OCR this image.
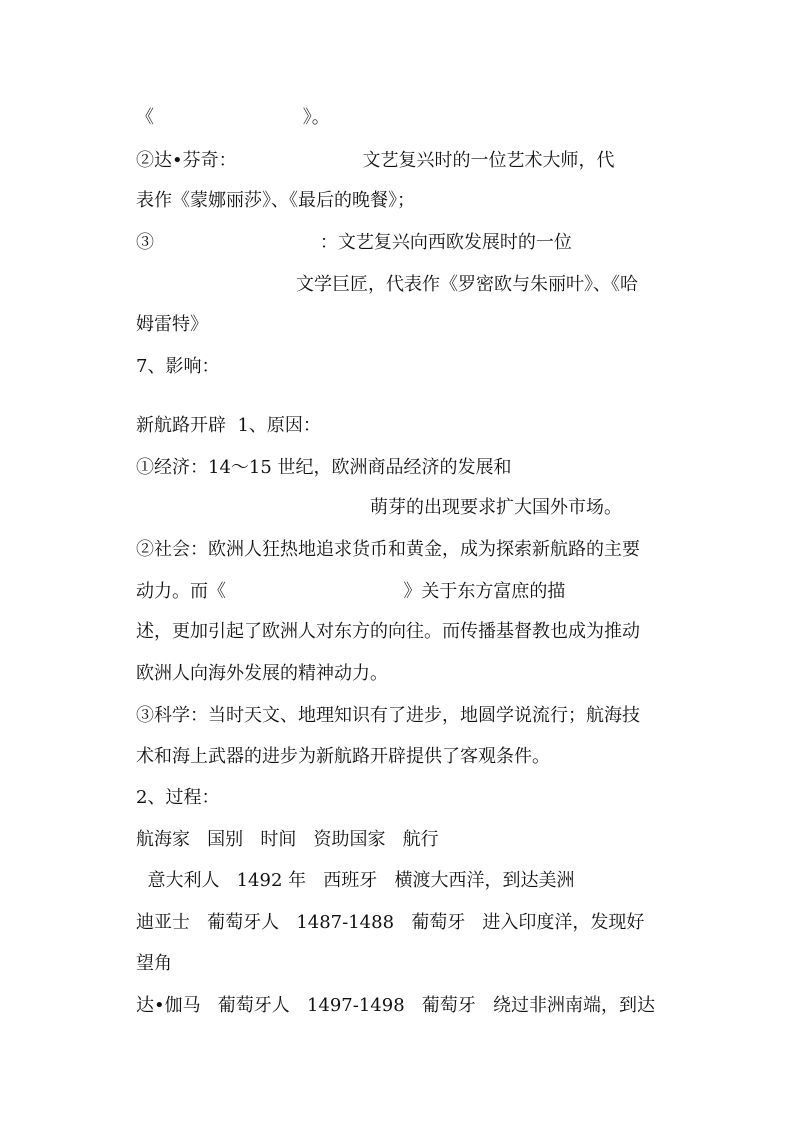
《                          》。
②达•芬奇：                      文艺复兴时的一位艺术大师，代
表作《蒙娜丽莎》、《最后的晚餐》；
③                             ：文艺复兴向西欧发展时的一位
文学巨匠，代表作《罗密欧与朱丽叶》、《哈
姆雷特》
7、影响：
新航路开辟  1、原因：
①经济：14～15 世纪，欧洲商品经济的发展和
萌芽的出现要求扩大国外市场。
②社会：欧洲人狂热地追求货币和黄金，成为探索新航路的主要
动力。而《                               》关于东方富庶的描
述，更加引起了欧洲人对东方的向往。而传播基督教也成为推动
欧洲人向海外发展的精神动力。
③科学：当时天文、地理知识有了进步，地圆学说流行；航海技
术和海上武器的进步为新航路开辟提供了客观条件。
2、过程：
航海家   国别   时间   资助国家   航行
意大利人   1492 年   西班牙   横渡大西洋，到达美洲
迪亚士   葡萄牙人   1487-1488   葡萄牙   进入印度洋，发现好
望角
达•伽马   葡萄牙人   1497-1498   葡萄牙   绕过非洲南端，到达
